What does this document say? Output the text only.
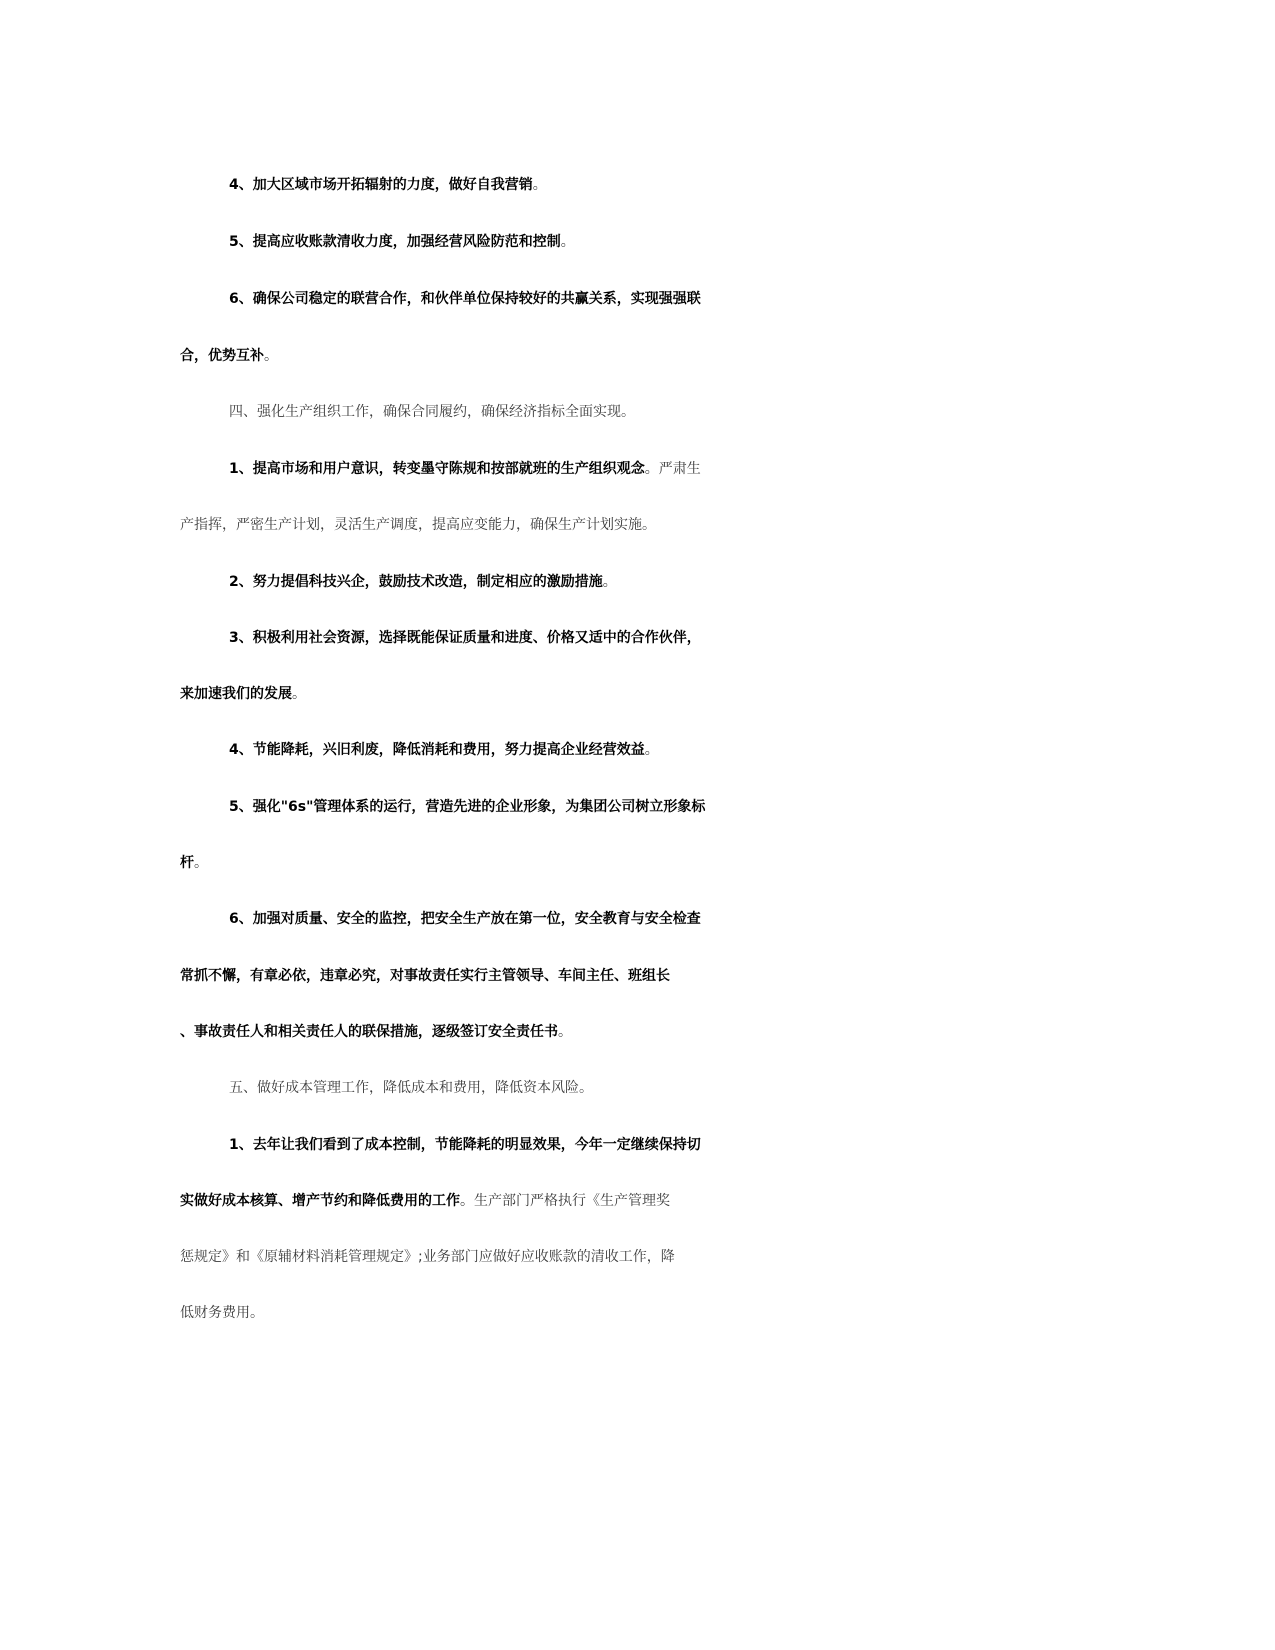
4、加大区域市场开拓辐射的力度，做好自我营销。
5、提高应收账款清收力度，加强经营风险防范和控制。
6、确保公司稳定的联营合作，和伙伴单位保持较好的共赢关系，实现强强联
合，优势互补。
四、强化生产组织工作，确保合同履约，确保经济指标全面实现。
1、提高市场和用户意识，转变墨守陈规和按部就班的生产组织观念。严肃生
产指挥，严密生产计划，灵活生产调度，提高应变能力，确保生产计划实施。
2、努力提倡科技兴企，鼓励技术改造，制定相应的激励措施。
3、积极利用社会资源，选择既能保证质量和进度、价格又适中的合作伙伴，
来加速我们的发展。
4、节能降耗，兴旧利废，降低消耗和费用，努力提高企业经营效益。
5、强化"6s"管理体系的运行，营造先进的企业形象，为集团公司树立形象标
杆。
6、加强对质量、安全的监控，把安全生产放在第一位，安全教育与安全检查
常抓不懈，有章必依，违章必究，对事故责任实行主管领导、车间主任、班组长
、事故责任人和相关责任人的联保措施，逐级签订安全责任书。
五、做好成本管理工作，降低成本和费用，降低资本风险。
1、去年让我们看到了成本控制，节能降耗的明显效果，今年一定继续保持切
实做好成本核算、增产节约和降低费用的工作。生产部门严格执行《生产管理奖
惩规定》和《原辅材料消耗管理规定》;业务部门应做好应收账款的清收工作，降
低财务费用。
